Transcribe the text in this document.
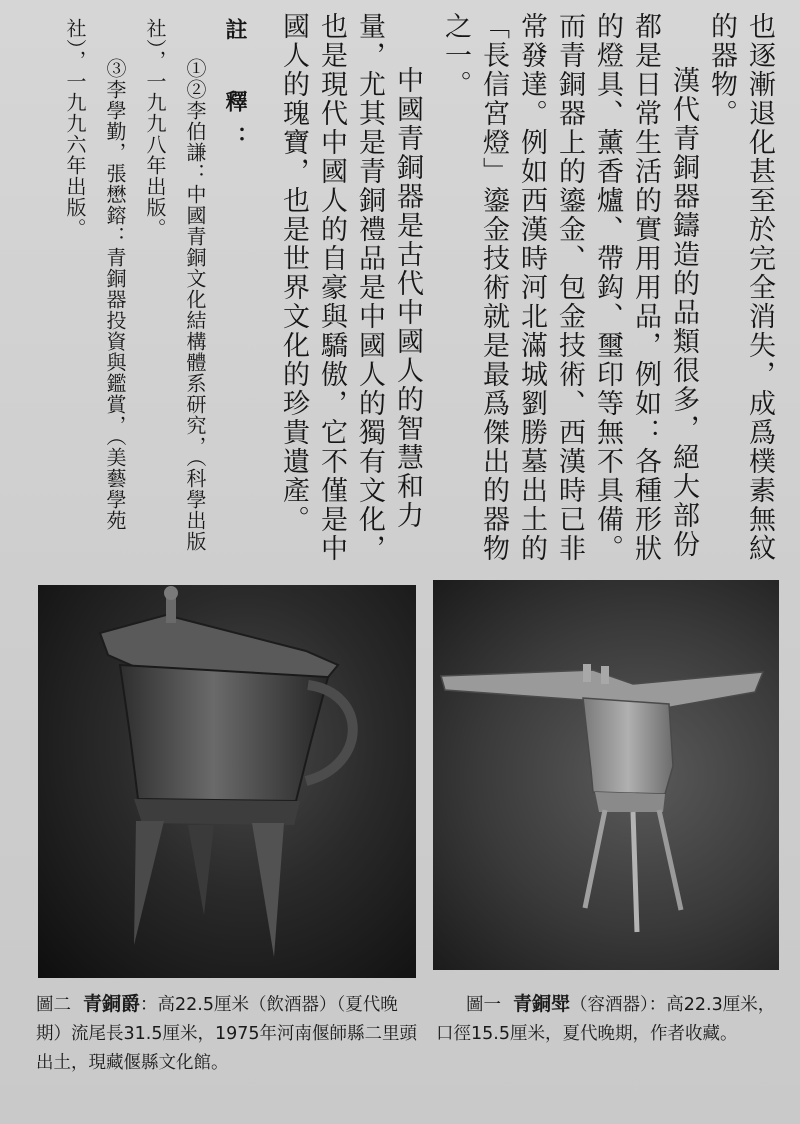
也逐漸退化甚至於完全消失，成爲樸素無紋的器物。

漢代青銅器鑄造的品類很多，絕大部份都是日常生活的實用用品，例如：各種形狀的燈具、薰香爐、帶鈎、璽印等無不具備。而青銅器上的鎏金、包金技術、西漢時已非常發達。例如西漢時河北滿城劉勝墓出土的「長信宮燈」鎏金技術就是最爲傑出的器物之一。

中國青銅器是古代中國人的智慧和力量，尤其是青銅禮品是中國人的獨有文化，也是現代中國人的自豪與驕傲，它不僅是中國人的瑰寶，也是世界文化的珍貴遺產。

註　釋：

①②李伯謙：中國青銅文化結構體系研究，（科學出版社），一九九八年出版。

③李學勤，張懋鎔：青銅器投資與鑑賞，（美藝學苑社），一九九六年出版。

圖二 青銅爵：高22.5厘米（飲酒器）（夏代晚期）流尾長31.5厘米，1975年河南偃師縣二里頭出土，現藏偃縣文化館。
圖一 青銅斝（容酒器）：高22.3厘米，口徑15.5厘米，夏代晚期，作者收藏。
